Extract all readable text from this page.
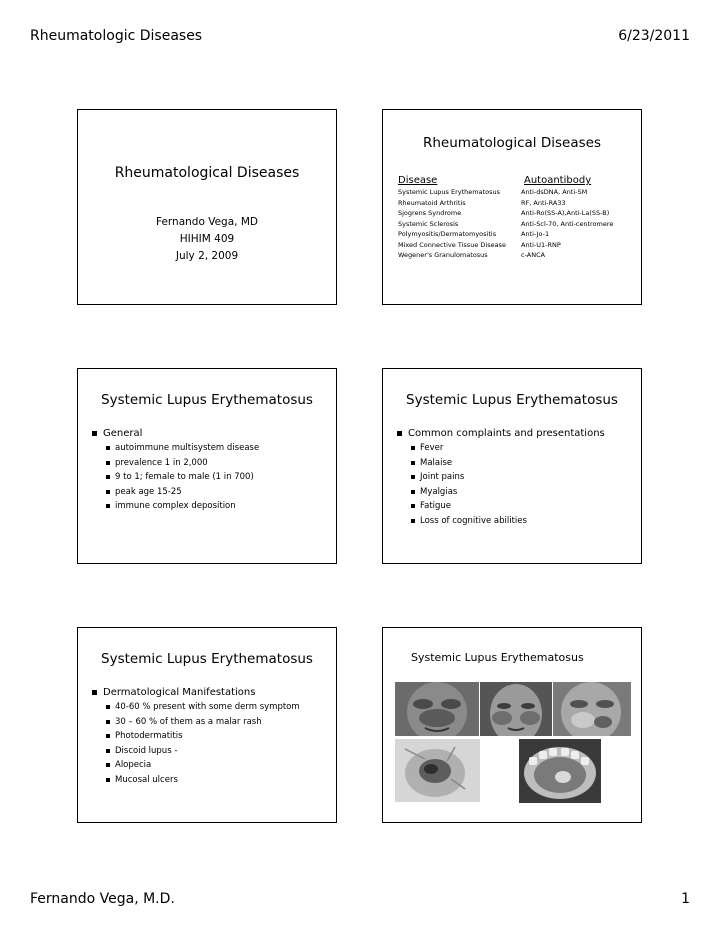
Rheumatologic Diseases	6/23/2011
Rheumatological Diseases
Fernando Vega, MD
HIHIM 409
July 2, 2009
Rheumatological Diseases
Disease	Autoantibody
Systemic Lupus Erythematosus	Anti-dsDNA, Anti-SM
Rheumatoid Arthritis	RF, Anti-RA33
Sjogrens Syndrome	Anti-Ro(SS-A),Anti-La(SS-B)
Systemic Sclerosis	Anti-Scl-70, Anti-centromere
Polymyositis/Dermatomyositis	Anti-Jo-1
Mixed Connective Tissue Disease Anti-U1-RNP
Wegener's Granulomatosus	c-ANCA
Systemic Lupus Erythematosus
General
autoimmune multisystem disease
prevalence 1 in 2,000
9 to 1; female to male (1 in 700)
peak age 15-25
immune complex deposition
Systemic Lupus Erythematosus
Common complaints and presentations
Fever
Malaise
Joint pains
Myalgias
Fatigue
Loss of cognitive abilities
Systemic Lupus Erythematosus
Dermatological Manifestations
40-60 % present with some derm symptom
30 – 60 % of them as a malar rash
Photodermatitis
Discoid lupus -
Alopecia
Mucosal ulcers
Systemic Lupus Erythematosus
Fernando Vega, M.D.	1
